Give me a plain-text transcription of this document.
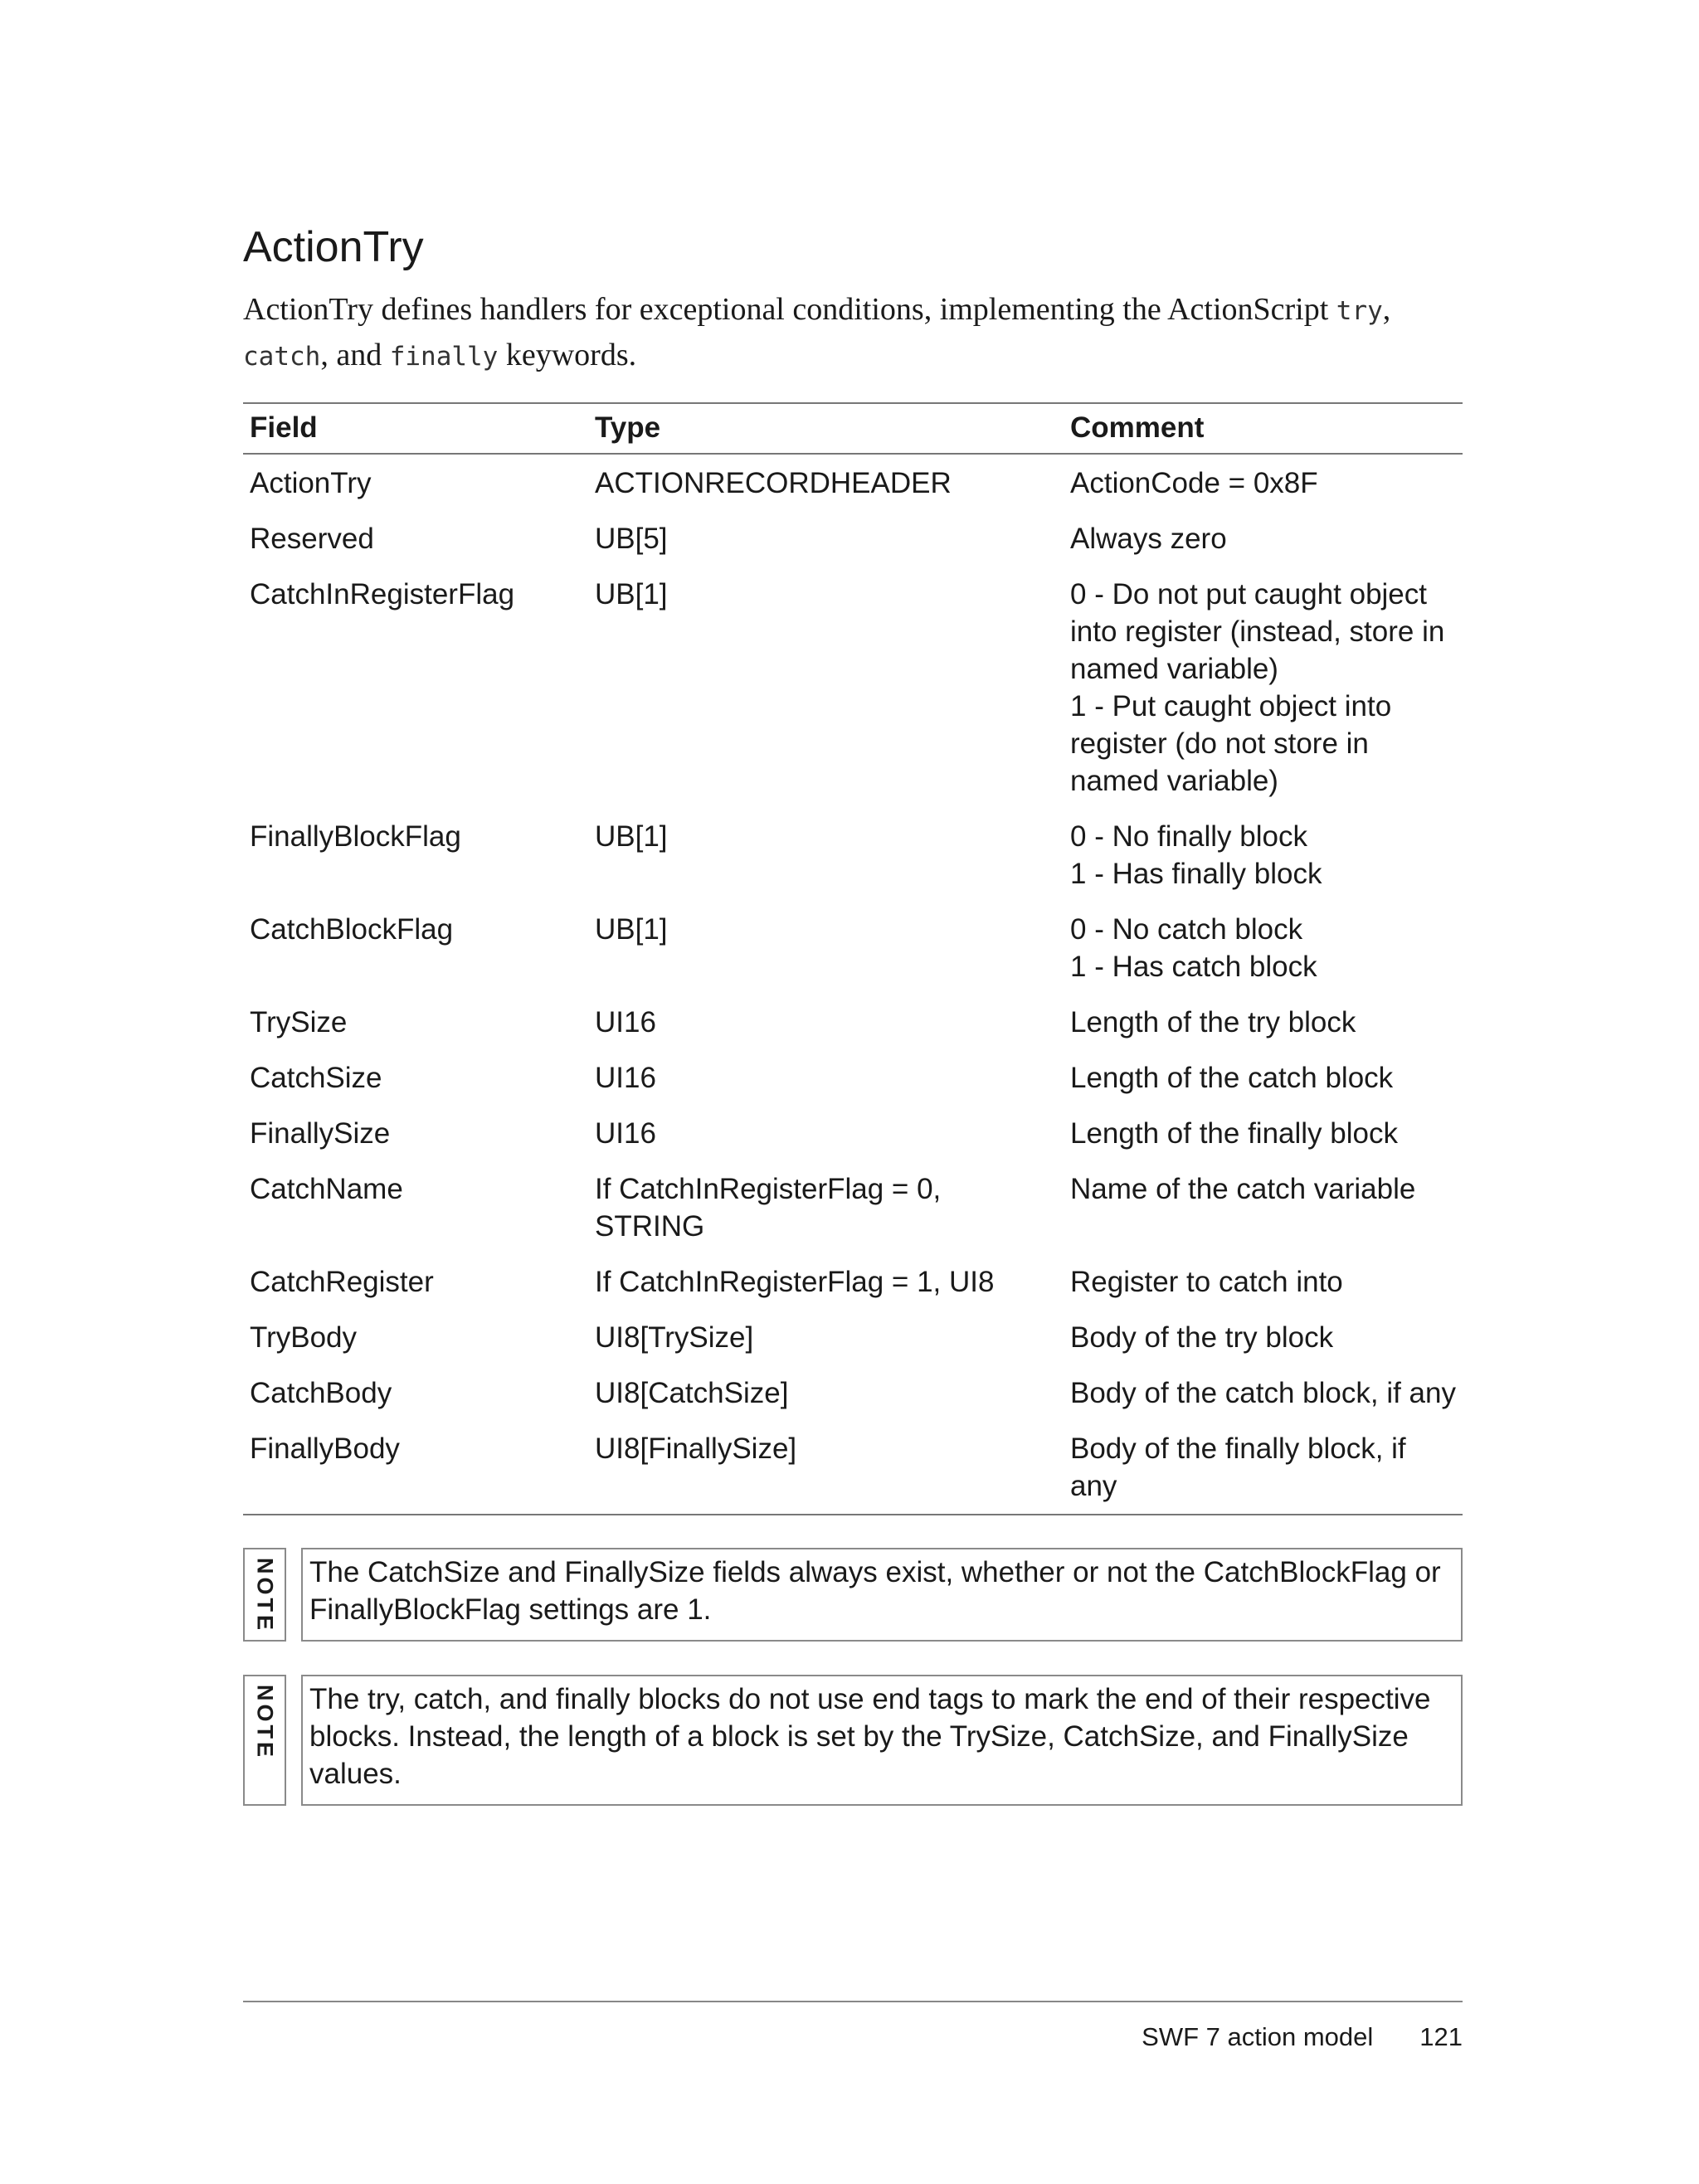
ActionTry

ActionTry defines handlers for exceptional conditions, implementing the ActionScript try, catch, and finally keywords.

Field	Type	Comment
ActionTry	ACTIONRECORDHEADER	ActionCode = 0x8F

Reserved	UB[5]	Always zero

CatchInRegisterFlag	UB[1]	0 - Do not put caught object into register (instead, store in named variable)
1 - Put caught object into register (do not store in named variable)

FinallyBlockFlag	UB[1]	0 - No finally block
1 - Has finally block

CatchBlockFlag	UB[1]	0 - No catch block
1 - Has catch block

TrySize	UI16	Length of the try block

CatchSize	UI16	Length of the catch block

FinallySize	UI16	Length of the finally block

CatchName	If CatchInRegisterFlag = 0, STRING	Name of the catch variable

CatchRegister	If CatchInRegisterFlag = 1, UI8	Register to catch into

TryBody	UI8[TrySize]	Body of the try block

CatchBody	UI8[CatchSize]	Body of the catch block, if any

FinallyBody	UI8[FinallySize]	Body of the finally block, if any
NOTE The CatchSize and FinallySize fields always exist, whether or not the CatchBlockFlag or FinallyBlockFlag settings are 1.
NOTE The try, catch, and finally blocks do not use end tags to mark the end of their respective blocks. Instead, the length of a block is set by the TrySize, CatchSize, and FinallySize values.
SWF 7 action model 121
